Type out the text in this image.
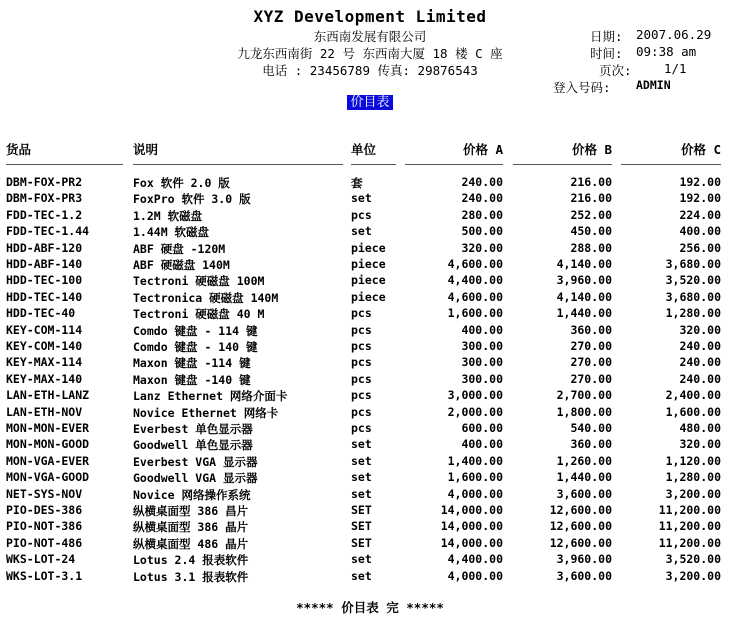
XYZ Development Limited
东西南发展有限公司
九龙东西南街 22 号 东西南大厦 18 楼 C 座
电话 : 23456789 传真: 29876543
日期: 2007.06.29
时间: 09:38 am
页次:	1/1
登入号码: ADMIN
价目表
货品	说明	单位	价格 A	价格 B	价格 C
DBM-FOX-PR2	Fox 软件 2.0 版	套	240.00	216.00	192.00
DBM-FOX-PR3	FoxPro 软件 3.0 版	set	240.00	216.00	192.00
FDD-TEC-1.2	1.2M 软磁盘	pcs	280.00	252.00	224.00
FDD-TEC-1.44	1.44M 软磁盘	set	500.00	450.00	400.00
HDD-ABF-120	ABF 硬盘 -120M	piece	320.00	288.00	256.00
HDD-ABF-140	ABF 硬磁盘 140M	piece	4,600.00	4,140.00	3,680.00
HDD-TEC-100	Tectroni 硬磁盘 100M	piece	4,400.00	3,960.00	3,520.00
HDD-TEC-140	Tectronica 硬磁盘 140M	piece	4,600.00	4,140.00	3,680.00
HDD-TEC-40	Tectroni 硬磁盘 40 M	pcs	1,600.00	1,440.00	1,280.00
KEY-COM-114	Comdo 键盘 - 114 键	pcs	400.00	360.00	320.00
KEY-COM-140	Comdo 键盘 - 140 键	pcs	300.00	270.00	240.00
KEY-MAX-114	Maxon 键盘 -114 键	pcs	300.00	270.00	240.00
KEY-MAX-140	Maxon 键盘 -140 键	pcs	300.00	270.00	240.00
LAN-ETH-LANZ	Lanz Ethernet 网络介面卡	pcs	3,000.00	2,700.00	2,400.00
LAN-ETH-NOV	Novice Ethernet 网络卡	pcs	2,000.00	1,800.00	1,600.00
MON-MON-EVER	Everbest 单色显示器	pcs	600.00	540.00	480.00
MON-MON-GOOD	Goodwell 单色显示器	set	400.00	360.00	320.00
MON-VGA-EVER	Everbest VGA 显示器	set	1,400.00	1,260.00	1,120.00
MON-VGA-GOOD	Goodwell VGA 显示器	set	1,600.00	1,440.00	1,280.00
NET-SYS-NOV	Novice 网络操作系统	set	4,000.00	3,600.00	3,200.00
PIO-DES-386	纵横桌面型 386 昌片	SET	14,000.00	12,600.00	11,200.00
PIO-NOT-386	纵横桌面型 386 晶片	SET	14,000.00	12,600.00	11,200.00
PIO-NOT-486	纵横桌面型 486 晶片	SET	14,000.00	12,600.00	11,200.00
WKS-LOT-24	Lotus 2.4 报表软件	set	4,400.00	3,960.00	3,520.00
WKS-LOT-3.1	Lotus 3.1 报表软件	set	4,000.00	3,600.00	3,200.00
***** 价目表 完 *****
